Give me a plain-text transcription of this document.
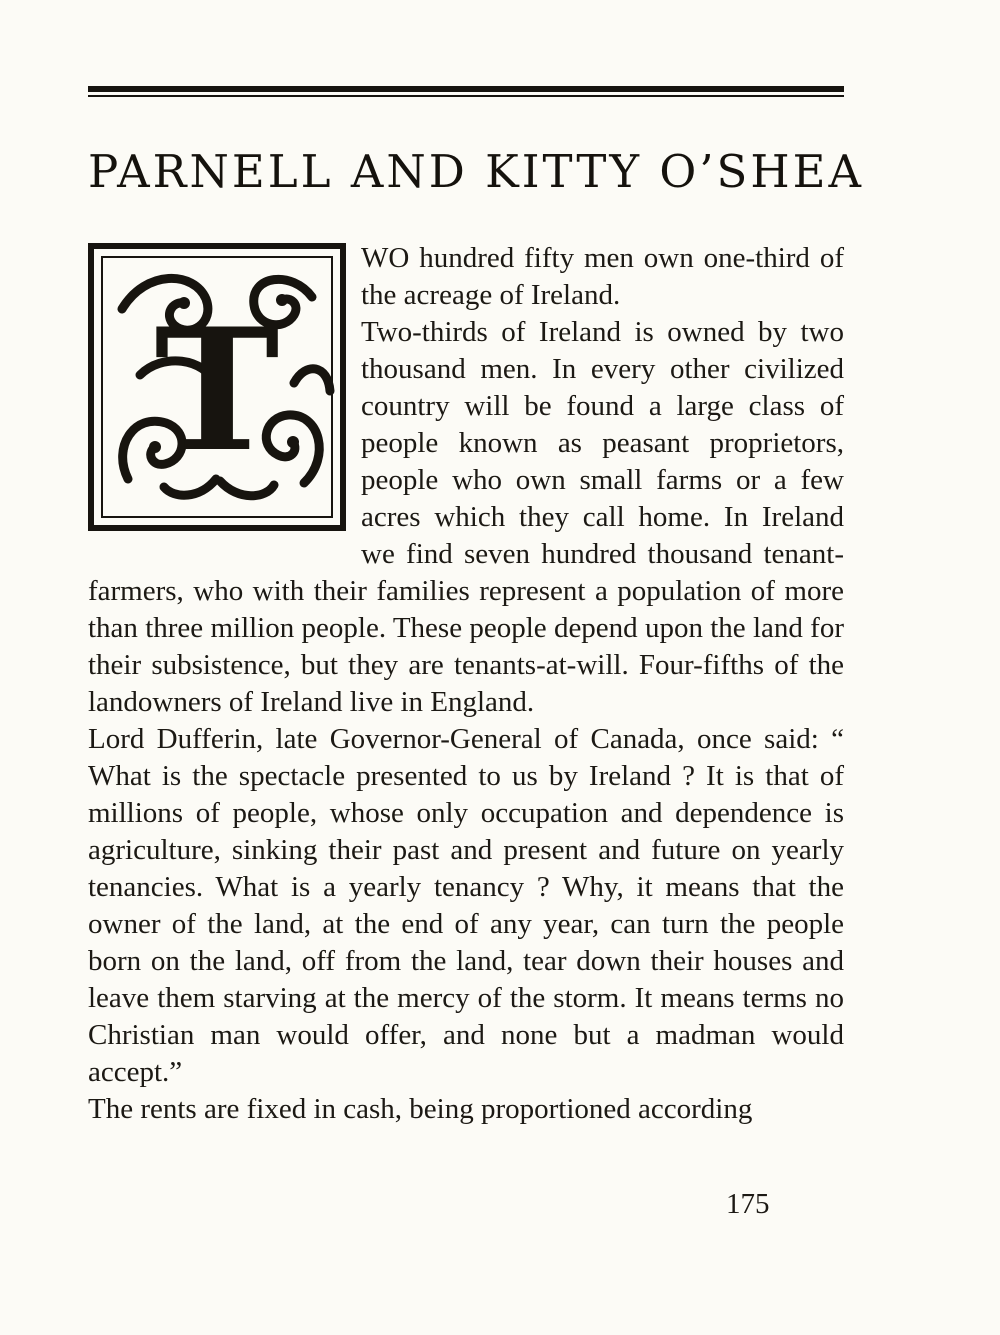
PARNELL AND KITTY O’SHEA
T

WO hundred fifty men own one-third of the acreage of Ireland.

Two-thirds of Ireland is owned by two thousand men. In every other civilized country will be found a large class of people known as peasant proprietors, people who own small farms or a few acres which they call home. In Ireland we find seven hundred thousand tenant-farmers, who with their families represent a population of more than three million people. These people depend upon the land for their subsistence, but they are tenants-at-will. Four-fifths of the landowners of Ireland live in England.

Lord Dufferin, late Governor-General of Canada, once said: “ What is the spectacle presented to us by Ireland ? It is that of millions of people, whose only occupation and dependence is agriculture, sinking their past and present and future on yearly tenancies. What is a yearly tenancy ? Why, it means that the owner of the land, at the end of any year, can turn the people born on the land, off from the land, tear down their houses and leave them starving at the mercy of the storm. It means terms no Christian man would offer, and none but a madman would accept.”

The rents are fixed in cash, being proportioned according

175
